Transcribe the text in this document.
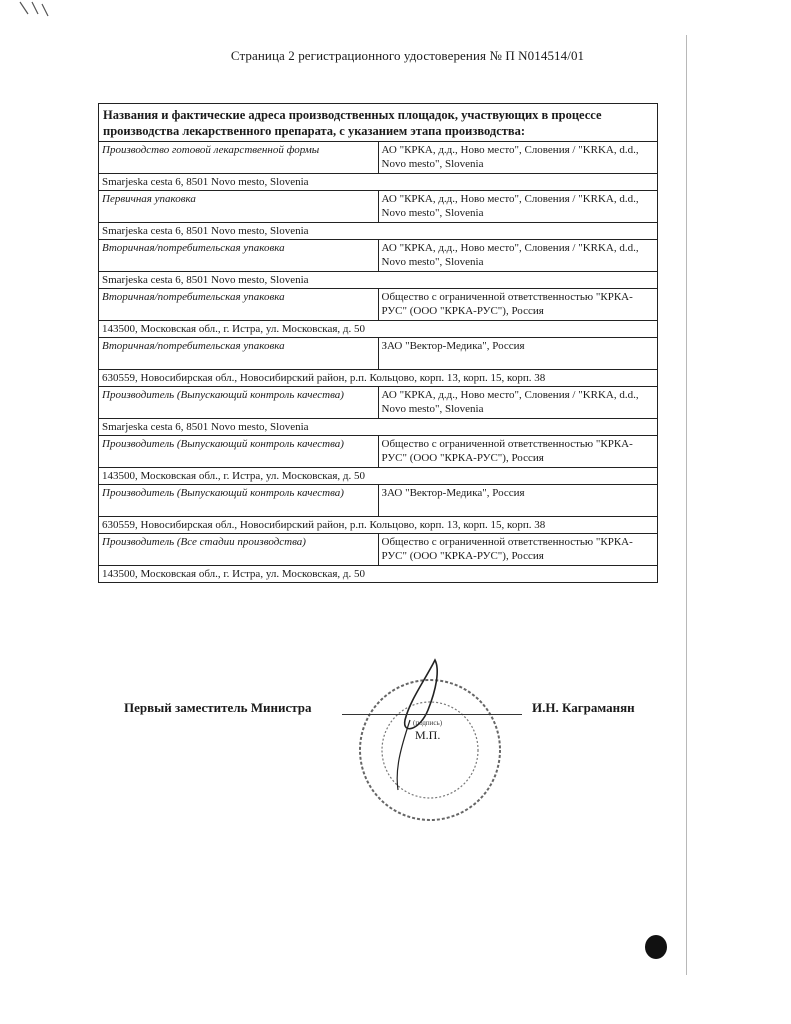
Страница 2 регистрационного удостоверения № П N014514/01
Названия и фактические адреса производственных площадок, участвующих в процессе производства лекарственного препарата, с указанием этапа производства:	
Производство готовой лекарственной формы	АО "КРКА, д.д., Ново место", Словения / "KRKA, d.d., Novo mesto", Slovenia
Smarjeska cesta 6, 8501 Novo mesto, Slovenia	
Первичная упаковка	АО "КРКА, д.д., Ново место", Словения / "KRKA, d.d., Novo mesto", Slovenia
Smarjeska cesta 6, 8501 Novo mesto, Slovenia	
Вторичная/потребительская упаковка	АО "КРКА, д.д., Ново место", Словения / "KRKA, d.d., Novo mesto", Slovenia
Smarjeska cesta 6, 8501 Novo mesto, Slovenia	
Вторичная/потребительская упаковка	Общество с ограниченной ответственностью "КРКА-РУС" (ООО "КРКА-РУС"), Россия
143500, Московская обл., г. Истра, ул. Московская, д. 50	
Вторичная/потребительская упаковка	ЗАО "Вектор-Медика", Россия
630559, Новосибирская обл., Новосибирский район, р.п. Кольцово, корп. 13, корп. 15, корп. 38	
Производитель (Выпускающий контроль качества)	АО "КРКА, д.д., Ново место", Словения / "KRKA, d.d., Novo mesto", Slovenia
Smarjeska cesta 6, 8501 Novo mesto, Slovenia	
Производитель (Выпускающий контроль качества)	Общество с ограниченной ответственностью "КРКА-РУС" (ООО "КРКА-РУС"), Россия
143500, Московская обл., г. Истра, ул. Московская, д. 50	
Производитель (Выпускающий контроль качества)	ЗАО "Вектор-Медика", Россия
630559, Новосибирская обл., Новосибирский район, р.п. Кольцово, корп. 13, корп. 15, корп. 38	
Производитель (Все стадии производства)	Общество с ограниченной ответственностью "КРКА-РУС" (ООО "КРКА-РУС"), Россия
143500, Московская обл., г. Истра, ул. Московская, д. 50	
(подпись)
М.П.
Первый заместитель Министра	И.Н. Каграманян
